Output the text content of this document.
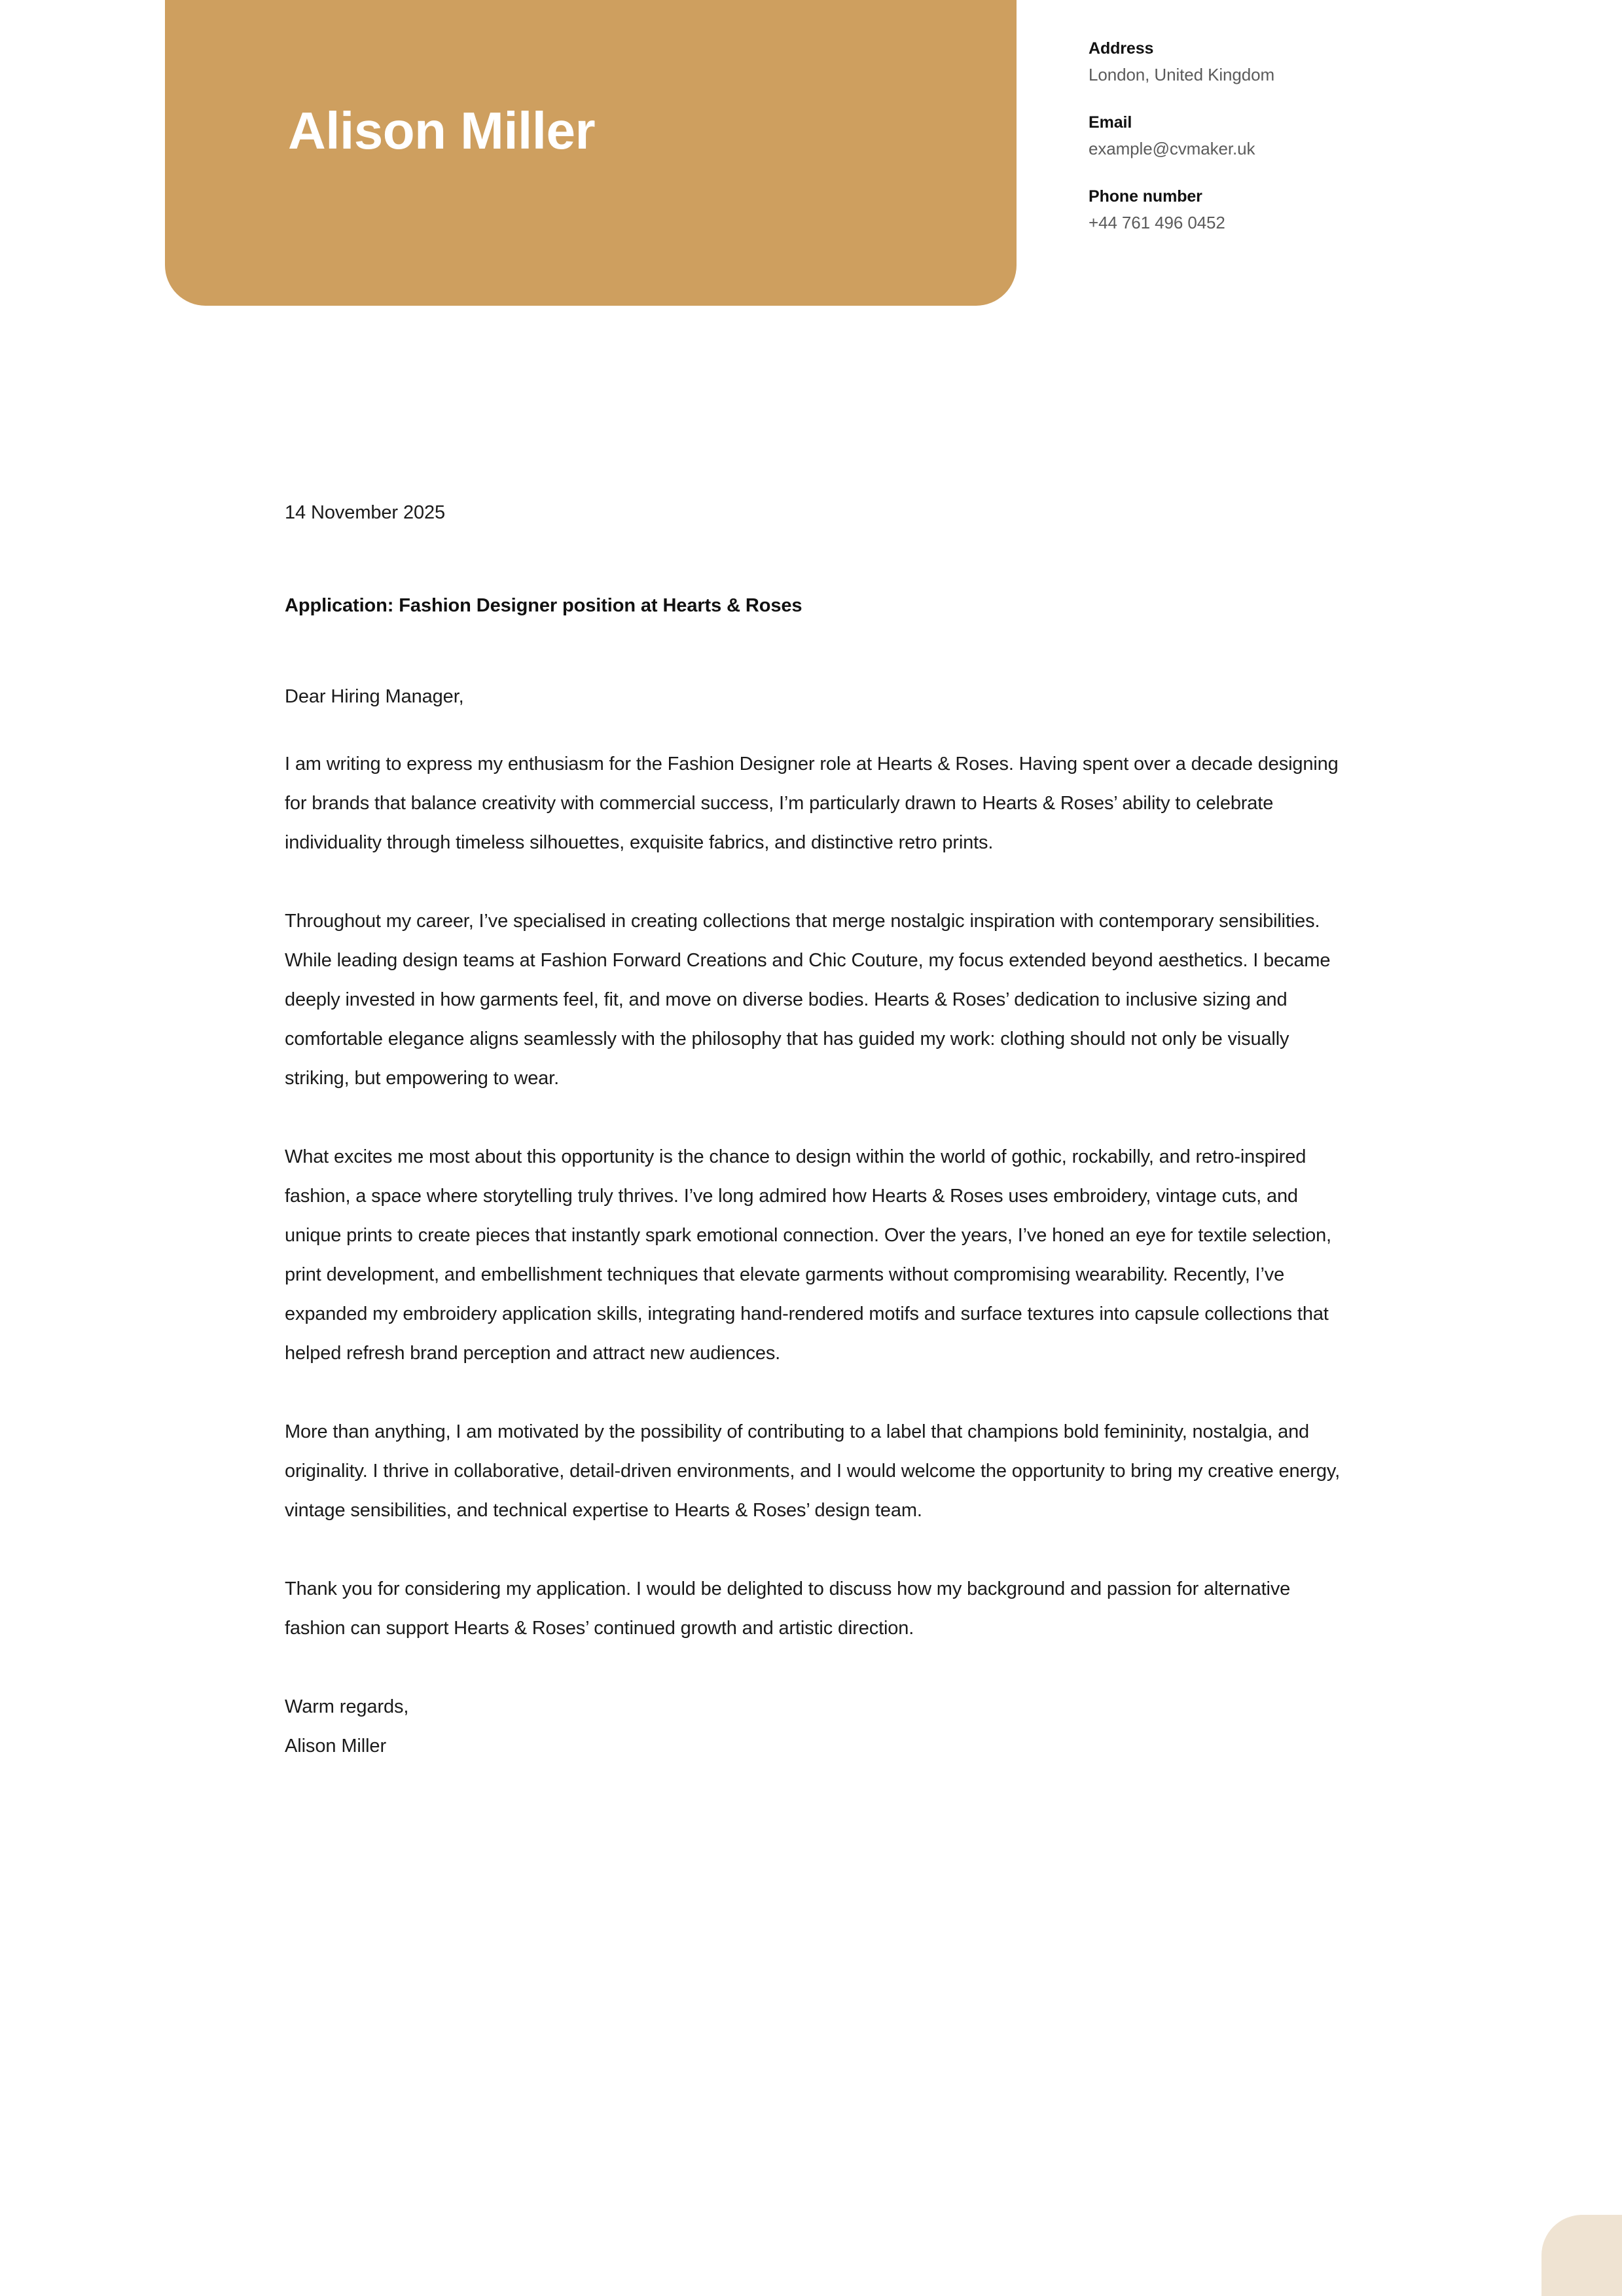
Alison Miller
Address
London, United Kingdom
Email
example@cvmaker.uk
Phone number
+44 761 496 0452
14 November 2025
Application: Fashion Designer position at Hearts & Roses
Dear Hiring Manager,

I am writing to express my enthusiasm for the Fashion Designer role at Hearts & Roses. Having spent over a decade designing for brands that balance creativity with commercial success, I’m particularly drawn to Hearts & Roses’ ability to celebrate individuality through timeless silhouettes, exquisite fabrics, and distinctive retro prints.

Throughout my career, I’ve specialised in creating collections that merge nostalgic inspiration with contemporary sensibilities. While leading design teams at Fashion Forward Creations and Chic Couture, my focus extended beyond aesthetics. I became deeply invested in how garments feel, fit, and move on diverse bodies. Hearts & Roses’ dedication to inclusive sizing and comfortable elegance aligns seamlessly with the philosophy that has guided my work: clothing should not only be visually striking, but empowering to wear.

What excites me most about this opportunity is the chance to design within the world of gothic, rockabilly, and retro-inspired fashion, a space where storytelling truly thrives. I’ve long admired how Hearts & Roses uses embroidery, vintage cuts, and unique prints to create pieces that instantly spark emotional connection. Over the years, I’ve honed an eye for textile selection, print development, and embellishment techniques that elevate garments without compromising wearability. Recently, I’ve expanded my embroidery application skills, integrating hand-rendered motifs and surface textures into capsule collections that helped refresh brand perception and attract new audiences.

More than anything, I am motivated by the possibility of contributing to a label that champions bold femininity, nostalgia, and originality. I thrive in collaborative, detail-driven environments, and I would welcome the opportunity to bring my creative energy, vintage sensibilities, and technical expertise to Hearts & Roses’ design team.

Thank you for considering my application. I would be delighted to discuss how my background and passion for alternative fashion can support Hearts & Roses’ continued growth and artistic direction.

Warm regards,
Alison Miller
